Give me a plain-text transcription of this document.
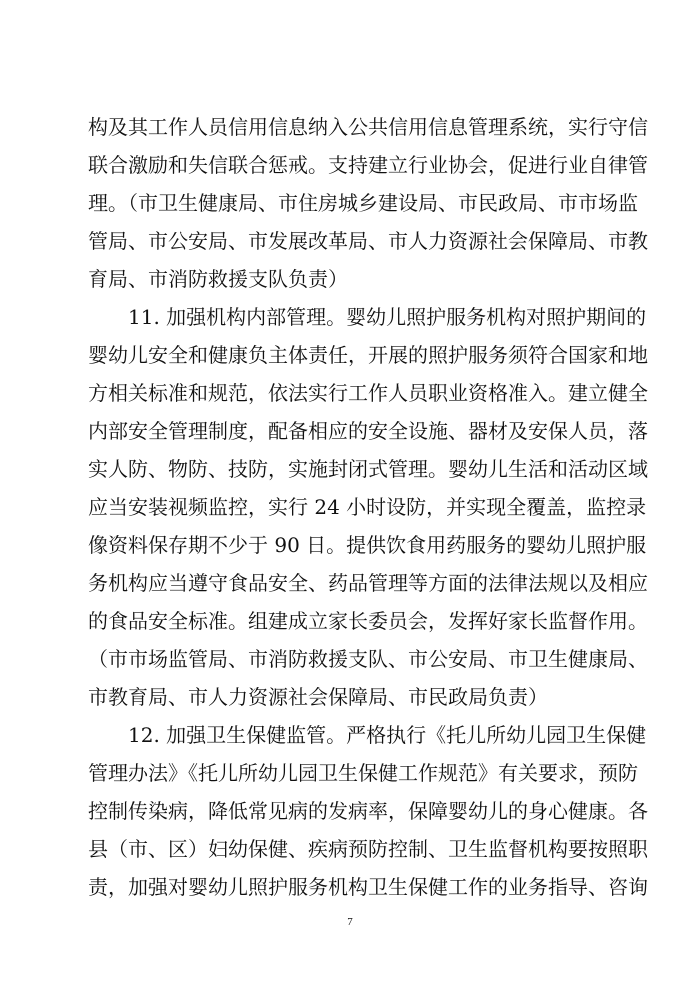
构及其工作人员信用信息纳入公共信用信息管理系统，实行守信
联合激励和失信联合惩戒。支持建立行业协会，促进行业自律管
理。（市卫生健康局、市住房城乡建设局、市民政局、市市场监
管局、市公安局、市发展改革局、市人力资源社会保障局、市教
育局、市消防救援支队负责）
11. 加强机构内部管理。婴幼儿照护服务机构对照护期间的
婴幼儿安全和健康负主体责任，开展的照护服务须符合国家和地
方相关标准和规范，依法实行工作人员职业资格准入。建立健全
内部安全管理制度，配备相应的安全设施、器材及安保人员，落
实人防、物防、技防，实施封闭式管理。婴幼儿生活和活动区域
应当安装视频监控，实行 24 小时设防，并实现全覆盖，监控录
像资料保存期不少于 90 日。提供饮食用药服务的婴幼儿照护服
务机构应当遵守食品安全、药品管理等方面的法律法规以及相应
的食品安全标准。组建成立家长委员会，发挥好家长监督作用。
（市市场监管局、市消防救援支队、市公安局、市卫生健康局、
市教育局、市人力资源社会保障局、市民政局负责）
12. 加强卫生保健监管。严格执行《托儿所幼儿园卫生保健
管理办法》《托儿所幼儿园卫生保健工作规范》有关要求，预防
控制传染病，降低常见病的发病率，保障婴幼儿的身心健康。各
县（市、区）妇幼保健、疾病预防控制、卫生监督机构要按照职
责，加强对婴幼儿照护服务机构卫生保健工作的业务指导、咨询
7
